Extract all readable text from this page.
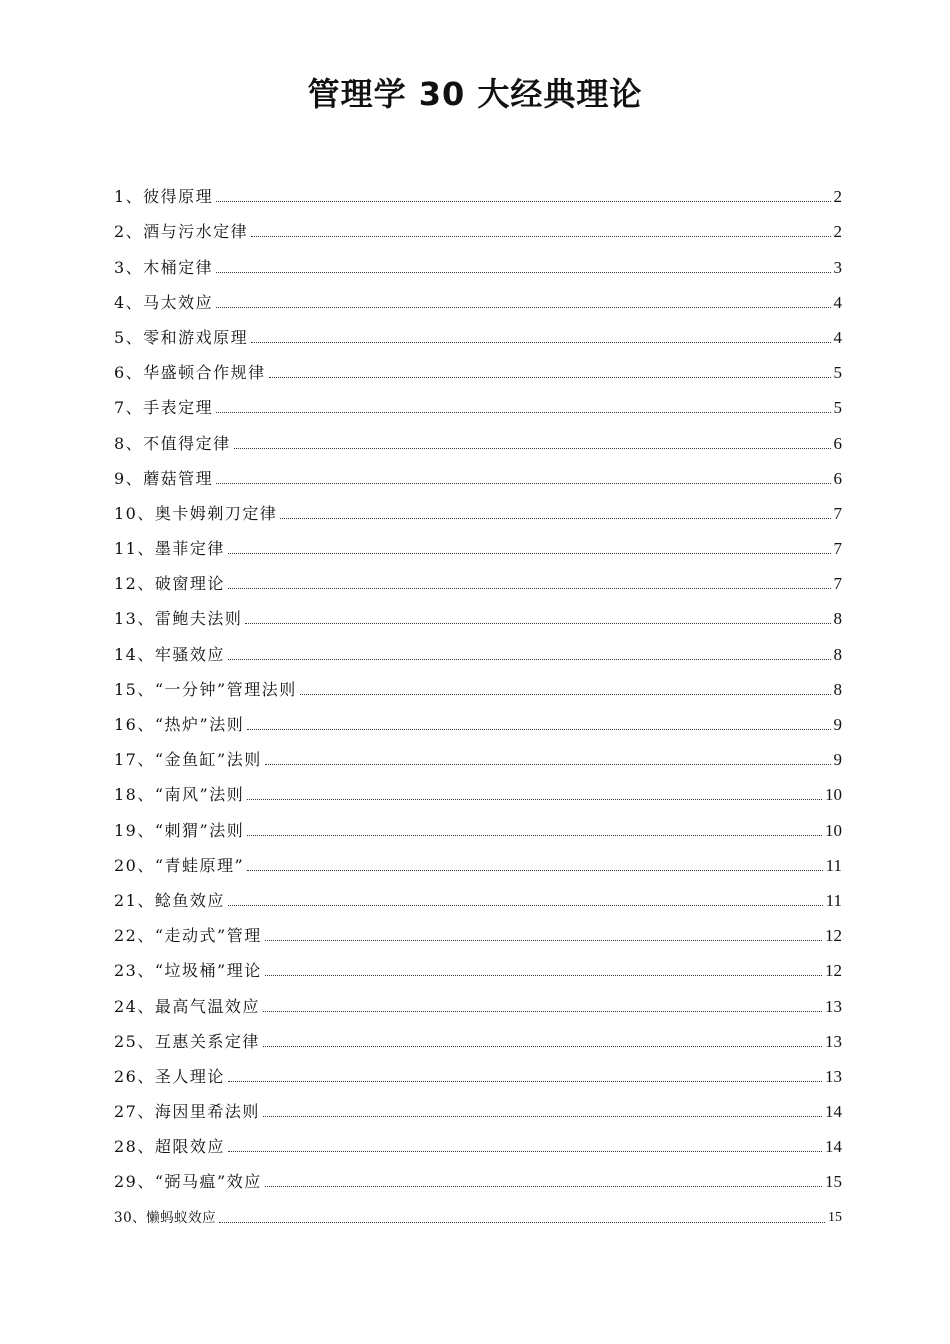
管理学 30 大经典理论
1、彼得原理	2
2、酒与污水定律	2
3、木桶定律	3
4、马太效应	4
5、零和游戏原理	4
6、华盛顿合作规律	5
7、手表定理	5
8、不值得定律	6
9、蘑菇管理	6
10、奥卡姆剃刀定律	7
11、墨菲定律	7
12、破窗理论	7
13、雷鲍夫法则	8
14、牢骚效应	8
15、“一分钟”管理法则	8
16、“热炉”法则	9
17、“金鱼缸”法则	9
18、“南风”法则	10
19、“刺猬”法则	10
20、“青蛙原理”	11
21、鲶鱼效应	11
22、“走动式”管理	12
23、“垃圾桶”理论	12
24、最高气温效应	13
25、互惠关系定律	13
26、圣人理论	13
27、海因里希法则	14
28、超限效应	14
29、“弼马瘟”效应	15
30、懒蚂蚁效应	15
